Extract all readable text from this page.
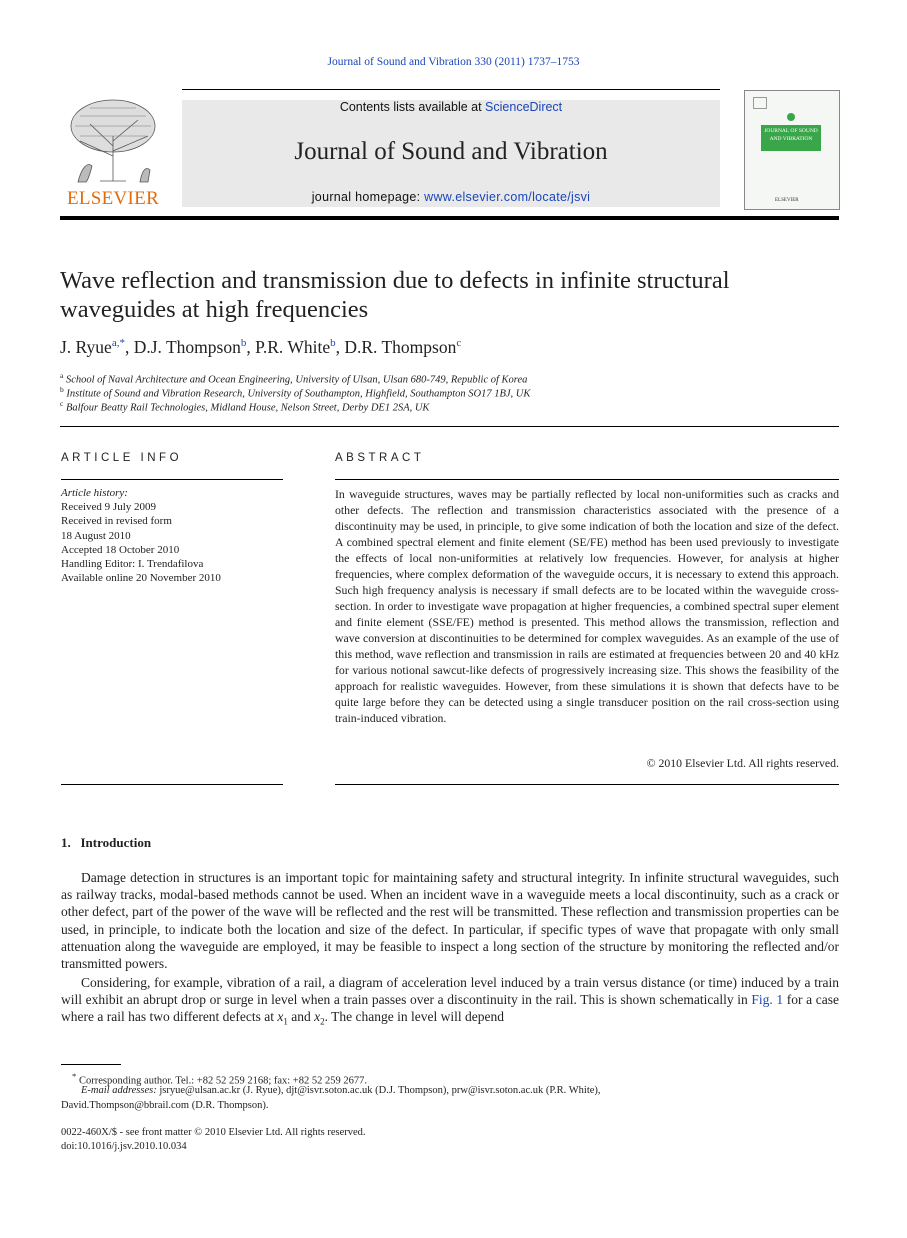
Journal of Sound and Vibration 330 (2011) 1737–1753
ELSEVIER
Contents lists available at ScienceDirect
Journal of Sound and Vibration
journal homepage: www.elsevier.com/locate/jsvi
JOURNAL OF SOUND AND VIBRATION
ELSEVIER
Wave reflection and transmission due to defects in infinite structural waveguides at high frequencies
J. Ryue$^{a,*}$, D.J. Thompson$^b$, P.R. White$^b$, D.R. Thompson$^c$
$^a$ School of Naval Architecture and Ocean Engineering, University of Ulsan, Ulsan 680-749, Republic of Korea
$^b$ Institute of Sound and Vibration Research, University of Southampton, Highfield, Southampton SO17 1BJ, UK
$^c$ Balfour Beatty Rail Technologies, Midland House, Nelson Street, Derby DE1 2SA, UK
ARTICLE INFO
Article history:
Received 9 July 2009
Received in revised form
18 August 2010
Accepted 18 October 2010
Handling Editor: I. Trendafilova
Available online 20 November 2010
ABSTRACT
In waveguide structures, waves may be partially reflected by local non-uniformities such as cracks and other defects. The reflection and transmission characteristics associated with the presence of a discontinuity may be used, in principle, to give some indication of both the location and size of the defect. A combined spectral element and finite element (SE/FE) method has been used previously to investigate the effects of local non-uniformities at relatively low frequencies. However, for analysis at higher frequencies, where complex deformation of the waveguide occurs, it is necessary to extend this approach. Such high frequency analysis is necessary if small defects are to be located within the waveguide cross-section. In order to investigate wave propagation at higher frequencies, a combined spectral super element and finite element (SSE/FE) method is presented. This method allows the transmission, reflection and wave conversion at discontinuities to be determined for complex waveguides. As an example of the use of this method, wave reflection and transmission in rails are estimated at frequencies between 20 and 40 kHz for various notional sawcut-like defects of progressively increasing size. This shows the feasibility of the approach for realistic waveguides. However, from these simulations it is shown that defects have to be quite large before they can be detected using a single transducer position on the rail cross-section using train-induced vibration.
© 2010 Elsevier Ltd. All rights reserved.
1. Introduction
Damage detection in structures is an important topic for maintaining safety and structural integrity. In infinite structural waveguides, such as railway tracks, modal-based methods cannot be used. When an incident wave in a waveguide meets a local discontinuity, such as a crack or other defect, part of the power of the wave will be reflected and the rest will be transmitted. These reflection and transmission properties can be used, in principle, to indicate both the location and size of the defect. In particular, if specific types of wave that propagate with only small attenuation along the waveguide are employed, it may be feasible to inspect a long section of the structure by monitoring the reflected and/or transmitted powers.
Considering, for example, vibration of a rail, a diagram of acceleration level induced by a train versus distance (or time) induced by a train will exhibit an abrupt drop or surge in level when a train passes over a discontinuity in the rail. This is shown schematically in Fig. 1 for a case where a rail has two different defects at $x_1$ and $x_2$. The change in level will depend
* Corresponding author. Tel.: +82 52 259 2168; fax: +82 52 259 2677.
E-mail addresses: jsryue@ulsan.ac.kr (J. Ryue), djt@isvr.soton.ac.uk (D.J. Thompson), prw@isvr.soton.ac.uk (P.R. White),
David.Thompson@bbrail.com (D.R. Thompson).
0022-460X/$ - see front matter © 2010 Elsevier Ltd. All rights reserved.
doi:10.1016/j.jsv.2010.10.034
